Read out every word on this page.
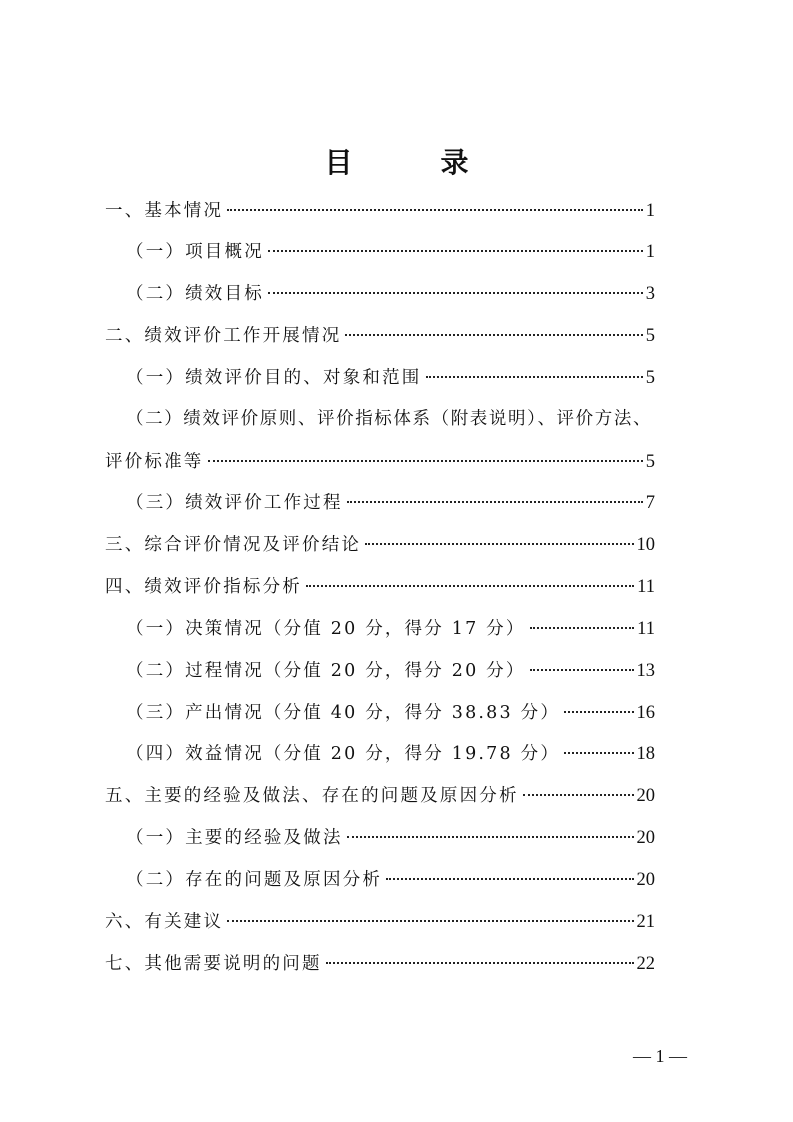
目　录
一、基本情况	1
（一）项目概况	1
（二）绩效目标	3
二、绩效评价工作开展情况	5
（一）绩效评价目的、对象和范围	5
（二）绩效评价原则、评价指标体系（附表说明）、评价方法、
评价标准等	5
（三）绩效评价工作过程	7
三、综合评价情况及评价结论	10
四、绩效评价指标分析	11
（一）决策情况（分值 20 分，得分 17 分）	11
（二）过程情况（分值 20 分，得分 20 分）	13
（三）产出情况（分值 40 分，得分 38.83 分）	16
（四）效益情况（分值 20 分，得分 19.78 分）	18
五、主要的经验及做法、存在的问题及原因分析	20
（一）主要的经验及做法	20
（二）存在的问题及原因分析	20
六、有关建议	21
七、其他需要说明的问题	22
— 1 —
